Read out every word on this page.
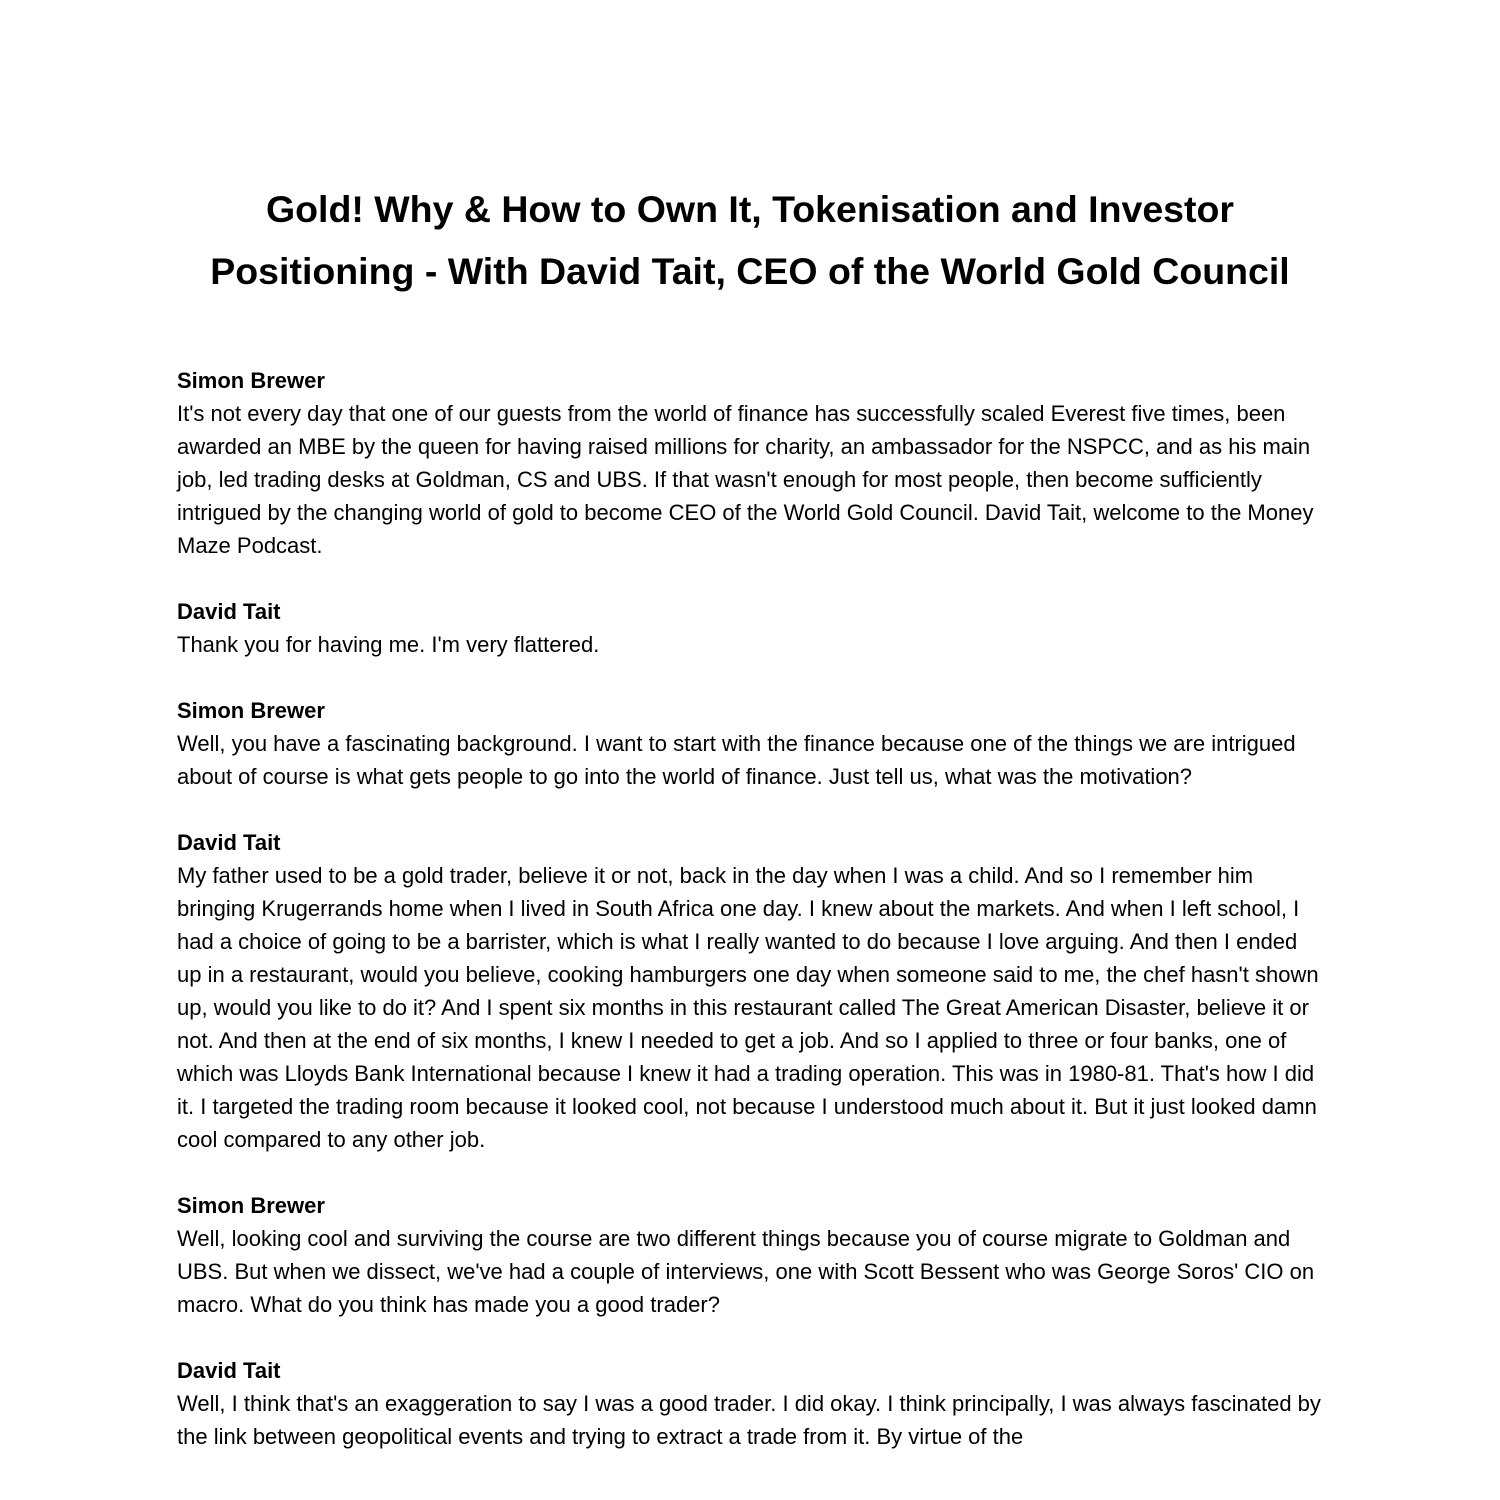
Gold! Why & How to Own It, Tokenisation and Investor
Positioning - With David Tait, CEO of the World Gold Council

Simon Brewer

It's not every day that one of our guests from the world of finance has successfully scaled Everest five times, been awarded an MBE by the queen for having raised millions for charity, an ambassador for the NSPCC, and as his main job, led trading desks at Goldman, CS and UBS. If that wasn't enough for most people, then become sufficiently intrigued by the changing world of gold to become CEO of the World Gold Council. David Tait, welcome to the Money Maze Podcast.

David Tait

Thank you for having me. I'm very flattered.

Simon Brewer

Well, you have a fascinating background. I want to start with the finance because one of the things we are intrigued about of course is what gets people to go into the world of finance. Just tell us, what was the motivation?

David Tait

My father used to be a gold trader, believe it or not, back in the day when I was a child. And so I remember him bringing Krugerrands home when I lived in South Africa one day. I knew about the markets. And when I left school, I had a choice of going to be a barrister, which is what I really wanted to do because I love arguing. And then I ended up in a restaurant, would you believe, cooking hamburgers one day when someone said to me, the chef hasn't shown up, would you like to do it? And I spent six months in this restaurant called The Great American Disaster, believe it or not. And then at the end of six months, I knew I needed to get a job. And so I applied to three or four banks, one of which was Lloyds Bank International because I knew it had a trading operation. This was in 1980-81. That's how I did it. I targeted the trading room because it looked cool, not because I understood much about it. But it just looked damn cool compared to any other job.

Simon Brewer

Well, looking cool and surviving the course are two different things because you of course migrate to Goldman and UBS. But when we dissect, we've had a couple of interviews, one with Scott Bessent who was George Soros' CIO on macro. What do you think has made you a good trader?

David Tait

Well, I think that's an exaggeration to say I was a good trader. I did okay. I think principally, I was always fascinated by the link between geopolitical events and trying to extract a trade from it. By virtue of the
